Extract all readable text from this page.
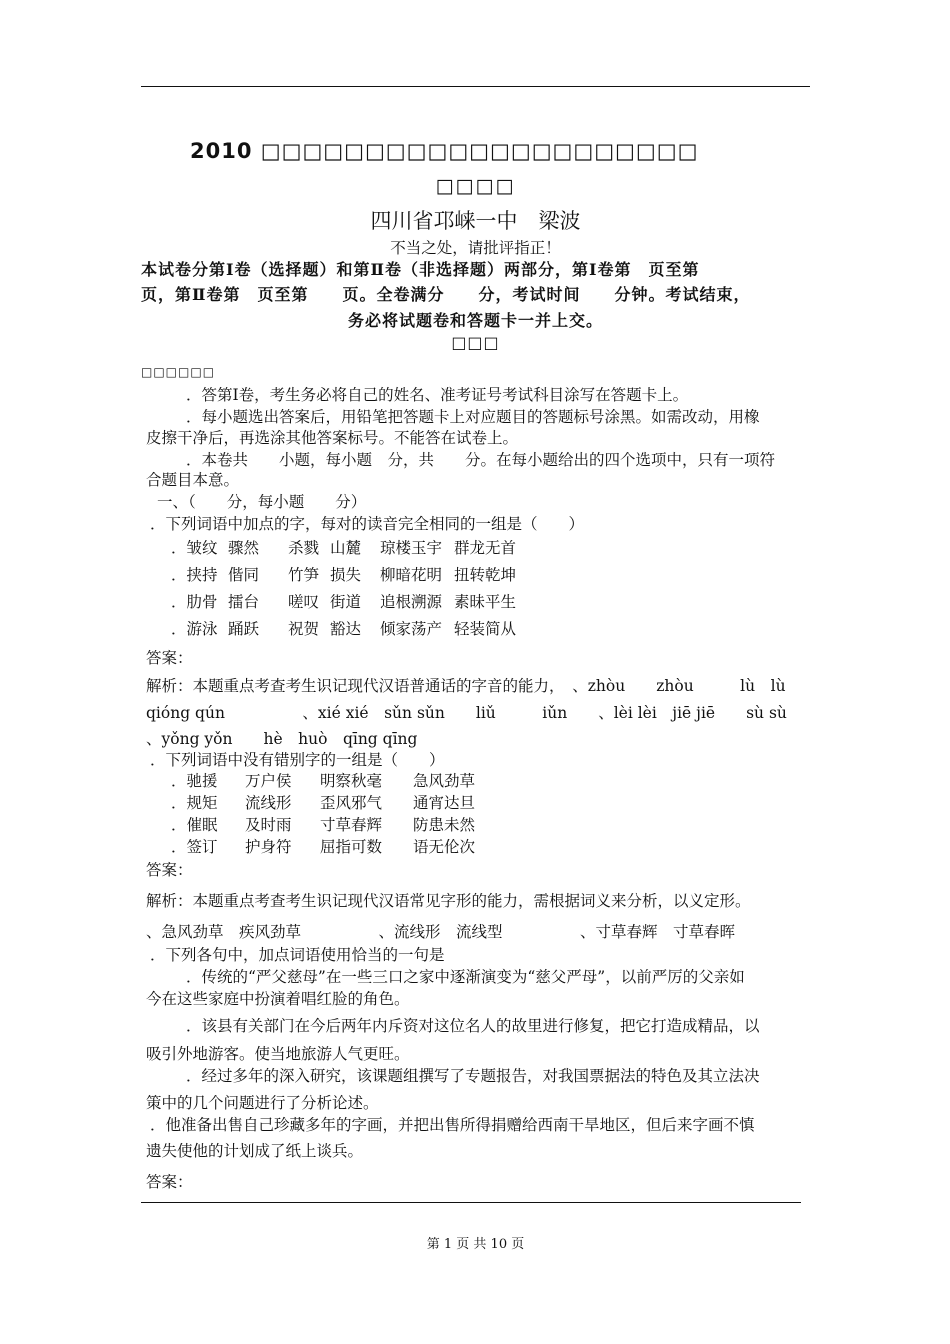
2010 □□□□□□□□□□□□□□□□□□□□□
□□□□
四川省邛崃一中　梁波
不当之处，请批评指正！
本试卷分第Ⅰ卷（选择题）和第Ⅱ卷（非选择题）两部分，第Ⅰ卷第　页至第
页，第Ⅱ卷第　页至第　　页。全卷满分　　分，考试时间　　分钟。考试结束，
务必将试题卷和答题卡一并上交。
□□□
□□□□□□
．答第Ⅰ卷，考生务必将自己的姓名、准考证号考试科目涂写在答题卡上。
．每小题选出答案后，用铅笔把答题卡上对应题目的答题标号涂黑。如需改动，用橡
皮擦干净后，再选涂其他答案标号。不能答在试卷上。
．本卷共　　小题，每小题　分，共　　分。在每小题给出的四个选项中，只有一项符
合题目本意。
一、（　　分，每小题　　分）
．下列词语中加点的字，每对的读音完全相同的一组是（　　）
．皱纹 骤然 杀戮 山麓 琼楼玉宇 群龙无首
．挟持 偕同 竹笋 损失 柳暗花明 扭转乾坤
．肋骨 擂台 嗟叹 街道 追根溯源 素昧平生
．游泳 踊跃 祝贺 豁达 倾家荡产 轻装简从
答案：
解析：本题重点考查考生识记现代汉语普通话的字音的能力，　、zhòu　　zhòu　　　lù　lù
qióng qún　　　　　、xié xié　sǔn sǔn　　liǔ　　　iǔn　　、lèi lèi　jiē jiē　　sù sù
、yǒng yǒn　　hè　huò　qīng qīng
．下列词语中没有错别字的一组是（　　）
．驰援 万户侯 明察秋毫 急风劲草
．规矩 流线形 歪风邪气 通宵达旦
．催眠 及时雨 寸草春辉 防患未然
．签订 护身符 屈指可数 语无伦次
答案：
解析：本题重点考查考生识记现代汉语常见字形的能力，需根据词义来分析，以义定形。
、急风劲草　疾风劲草　　　　　、流线形　流线型　　　　　、寸草春辉　寸草春晖
．下列各句中，加点词语使用恰当的一句是
．传统的“严父慈母”在一些三口之家中逐渐演变为“慈父严母”，以前严厉的父亲如
今在这些家庭中扮演着唱红脸的角色。
．该县有关部门在今后两年内斥资对这位名人的故里进行修复，把它打造成精品，以
吸引外地游客。使当地旅游人气更旺。
．经过多年的深入研究，该课题组撰写了专题报告，对我国票据法的特色及其立法决
策中的几个问题进行了分析论述。
．他准备出售自己珍藏多年的字画，并把出售所得捐赠给西南干旱地区，但后来字画不慎
遗失使他的计划成了纸上谈兵。
答案：
第 1 页 共 10 页
